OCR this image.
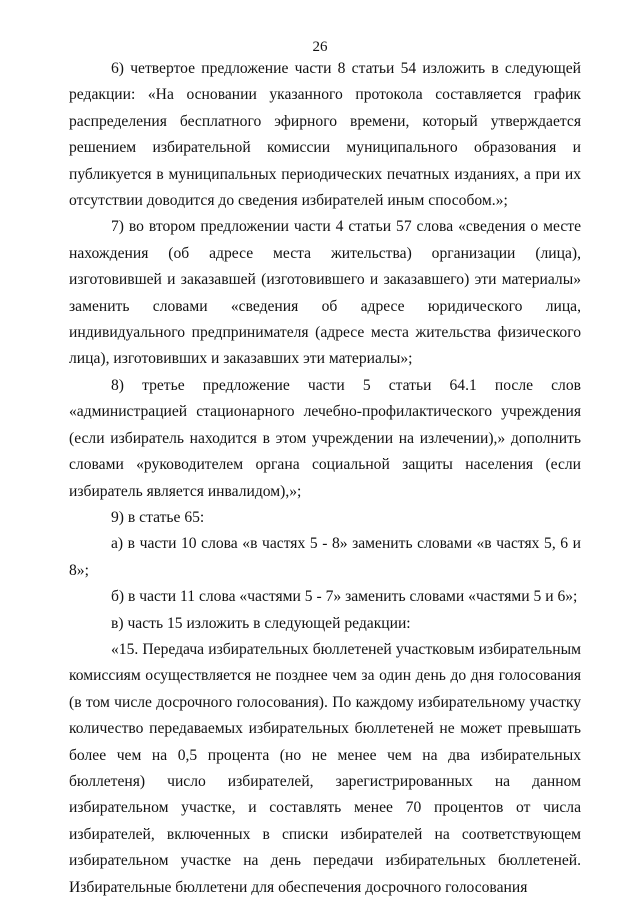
26

6) четвертое предложение части 8 статьи 54 изложить в следующей редакции: «На основании указанного протокола составляется график распределения бесплатного эфирного времени, который утверждается решением избирательной комиссии муниципального образования и публикуется в муниципальных периодических печатных изданиях, а при их отсутствии доводится до сведения избирателей иным способом.»;

7) во втором предложении части 4 статьи 57 слова «сведения о месте нахождения (об адресе места жительства) организации (лица), изготовившей и заказавшей (изготовившего и заказавшего) эти материалы» заменить словами «сведения об адресе юридического лица, индивидуального предпринимателя (адресе места жительства физического лица), изготовивших и заказавших эти материалы»;

8) третье предложение части 5 статьи 64.1 после слов «администрацией стационарного лечебно-профилактического учреждения (если избиратель находится в этом учреждении на излечении),» дополнить словами «руководителем органа социальной защиты населения (если избиратель является инвалидом),»;

9) в статье 65:

а) в части 10 слова «в частях 5 - 8» заменить словами «в частях 5, 6 и 8»;

б) в части 11 слова «частями 5 - 7» заменить словами «частями 5 и 6»;

в) часть 15 изложить в следующей редакции:

«15. Передача избирательных бюллетеней участковым избирательным комиссиям осуществляется не позднее чем за один день до дня голосования (в том числе досрочного голосования). По каждому избирательному участку количество передаваемых избирательных бюллетеней не может превышать более чем на 0,5 процента (но не менее чем на два избирательных бюллетеня) число избирателей, зарегистрированных на данном избирательном участке, и составлять менее 70 процентов от числа избирателей, включенных в списки избирателей на соответствующем избирательном участке на день передачи избирательных бюллетеней. Избирательные бюллетени для обеспечения досрочного голосования
